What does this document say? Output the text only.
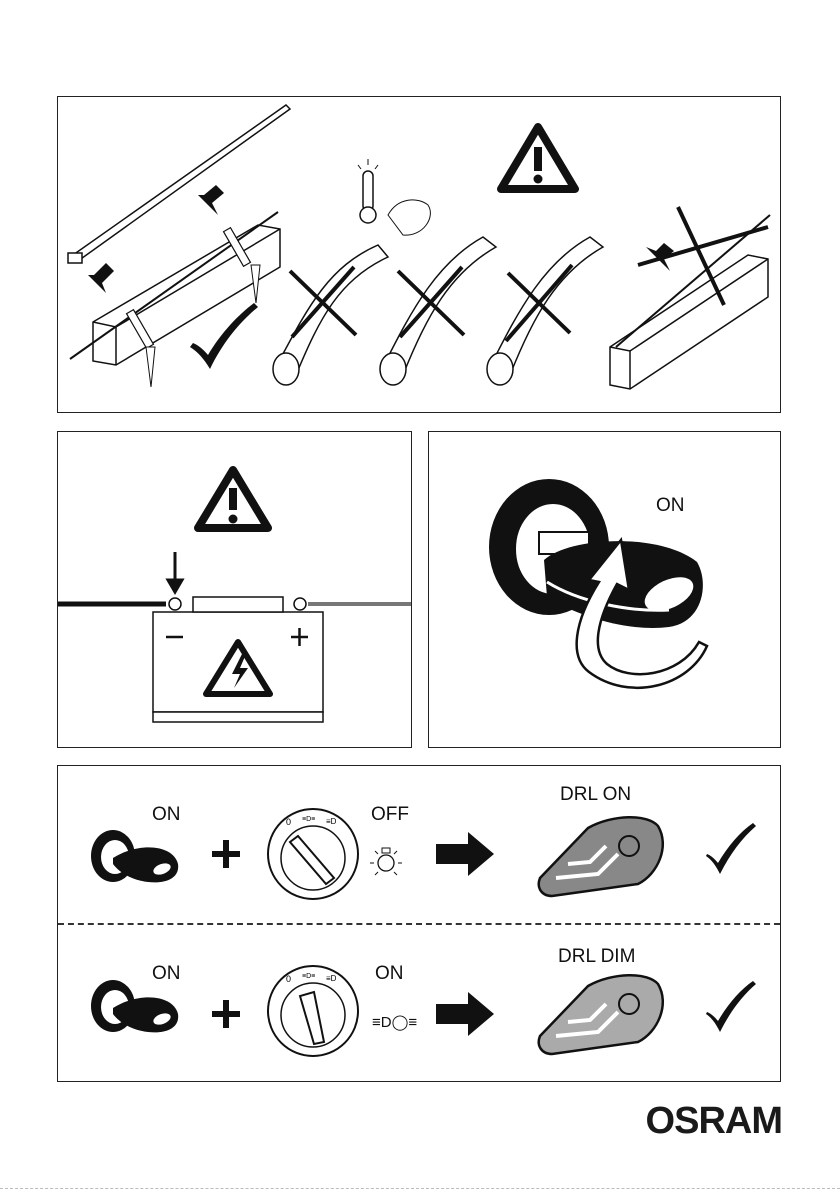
ON
0 ≡D≡ ≡D
0 ≡D≡ ≡D
≡D◯≡
ON	OFF
DRL ON
ON	ON
DRL DIM
OSRAM
